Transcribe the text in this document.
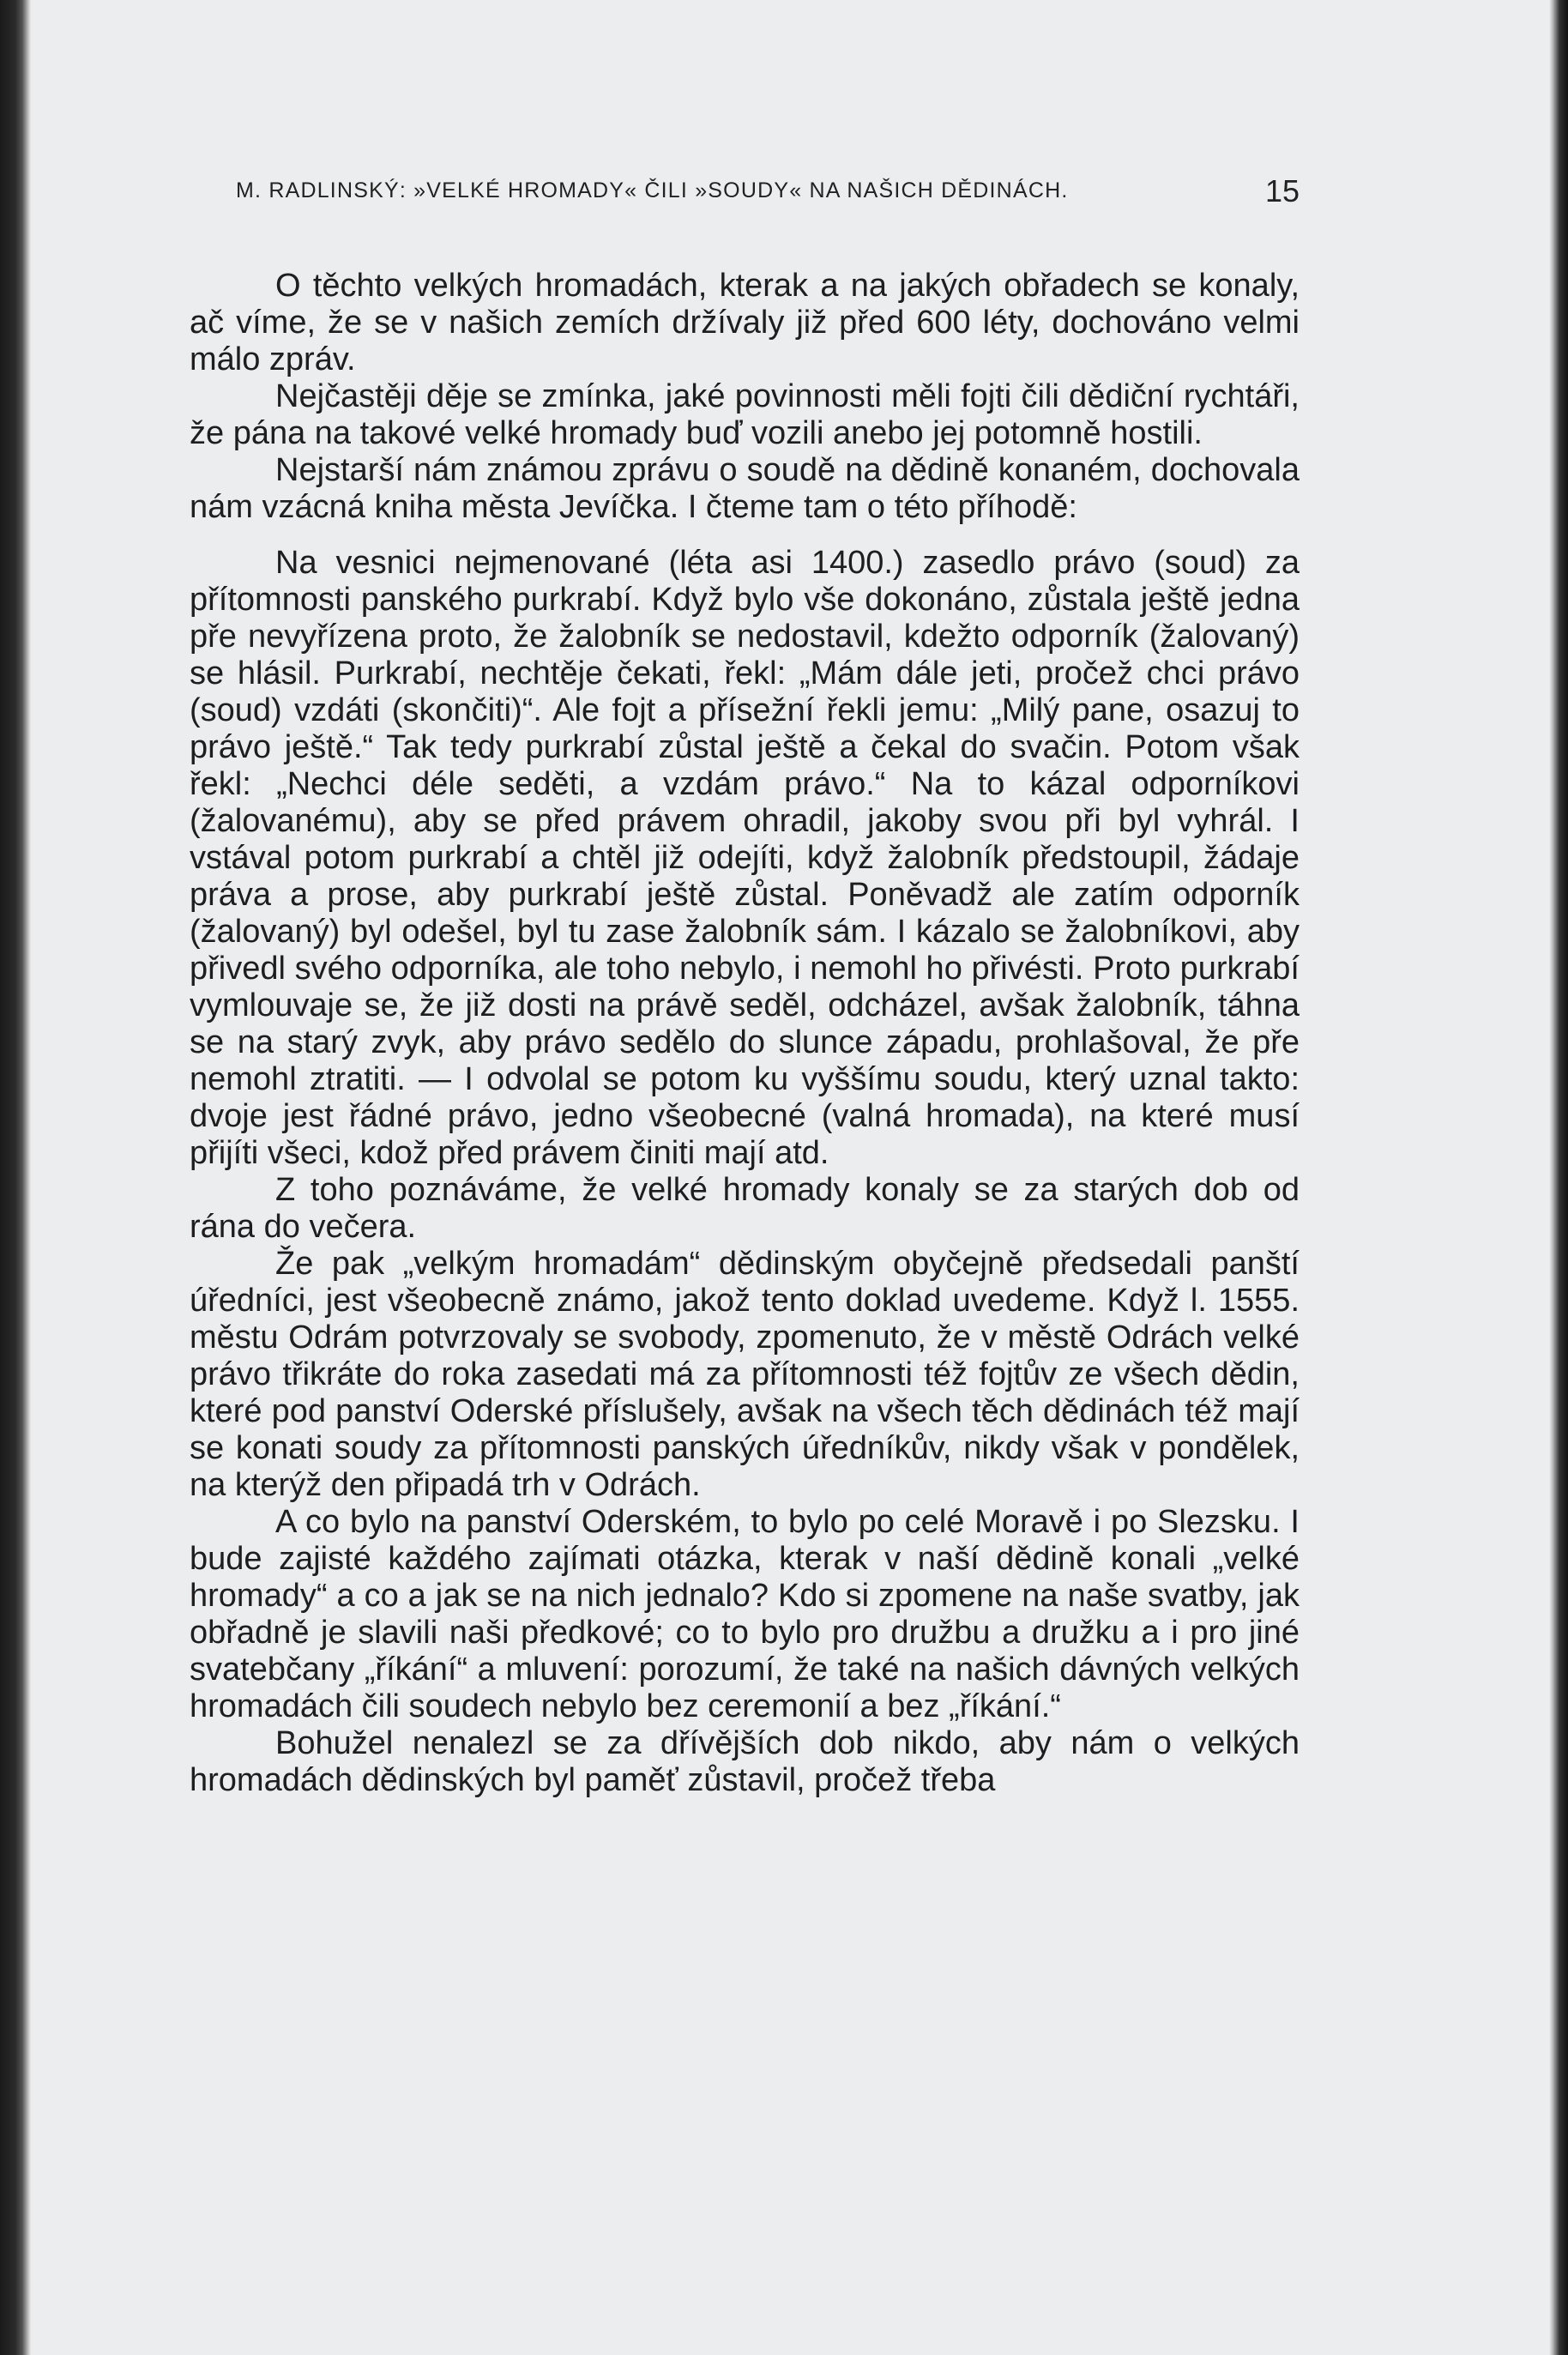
M. RADLINSKÝ: »VELKÉ HROMADY« ČILI »SOUDY« NA NAŠICH DĚDINÁCH.	15

O těchto velkých hromadách, kterak a na jakých obřadech se konaly, ač víme, že se v našich zemích držívaly již před 600 léty, dochováno velmi málo zpráv.

Nejčastěji děje se zmínka, jaké povinnosti měli fojti čili dědiční rychtáři, že pána na takové velké hromady buď vozili anebo jej potomně hostili.

Nejstarší nám známou zprávu o soudě na dědině konaném, dochovala nám vzácná kniha města Jevíčka. I čteme tam o této příhodě:

Na vesnici nejmenované (léta asi 1400.) zasedlo právo (soud) za přítomnosti panského purkrabí. Když bylo vše dokonáno, zůstala ještě jedna pře nevyřízena proto, že žalobník se nedostavil, kdežto odporník (žalovaný) se hlásil. Purkrabí, nechtěje čekati, řekl: „Mám dále jeti, pročež chci právo (soud) vzdáti (skončiti)“. Ale fojt a přísežní řekli jemu: „Milý pane, osazuj to právo ještě.“ Tak tedy purkrabí zůstal ještě a čekal do svačin. Potom však řekl: „Nechci déle seděti, a vzdám právo.“ Na to kázal odporníkovi (žalovanému), aby se před právem ohradil, jakoby svou při byl vyhrál. I vstával potom purkrabí a chtěl již odejíti, když žalobník předstoupil, žádaje práva a prose, aby purkrabí ještě zůstal. Poněvadž ale zatím odporník (žalovaný) byl odešel, byl tu zase žalobník sám. I kázalo se žalobníkovi, aby přivedl svého odporníka, ale toho nebylo, i nemohl ho přivésti. Proto purkrabí vymlouvaje se, že již dosti na právě seděl, odcházel, avšak žalobník, táhna se na starý zvyk, aby právo sedělo do slunce západu, prohlašoval, že pře nemohl ztratiti. — I odvolal se potom ku vyššímu soudu, který uznal takto: dvoje jest řádné právo, jedno všeobecné (valná hromada), na které musí přijíti všeci, kdož před právem činiti mají atd.

Z toho poznáváme, že velké hromady konaly se za starých dob od rána do večera.

Že pak „velkým hromadám“ dědinským obyčejně předsedali panští úředníci, jest všeobecně známo, jakož tento doklad uvedeme. Když l. 1555. městu Odrám potvrzovaly se svobody, zpomenuto, že v městě Odrách velké právo třikráte do roka zasedati má za přítomnosti též fojtův ze všech dědin, které pod panství Oderské příslušely, avšak na všech těch dědinách též mají se konati soudy za přítomnosti panských úředníkův, nikdy však v pondělek, na kterýž den připadá trh v Odrách.

A co bylo na panství Oderském, to bylo po celé Moravě i po Slezsku. I bude zajisté každého zajímati otázka, kterak v naší dědině konali „velké hromady“ a co a jak se na nich jednalo? Kdo si zpomene na naše svatby, jak obřadně je slavili naši předkové; co to bylo pro družbu a družku a i pro jiné svatebčany „říkání“ a mluvení: porozumí, že také na našich dávných velkých hromadách čili soudech nebylo bez ceremonií a bez „říkání.“

Bohužel nenalezl se za dřívějších dob nikdo, aby nám o velkých hromadách dědinských byl paměť zůstavil, pročež třeba
